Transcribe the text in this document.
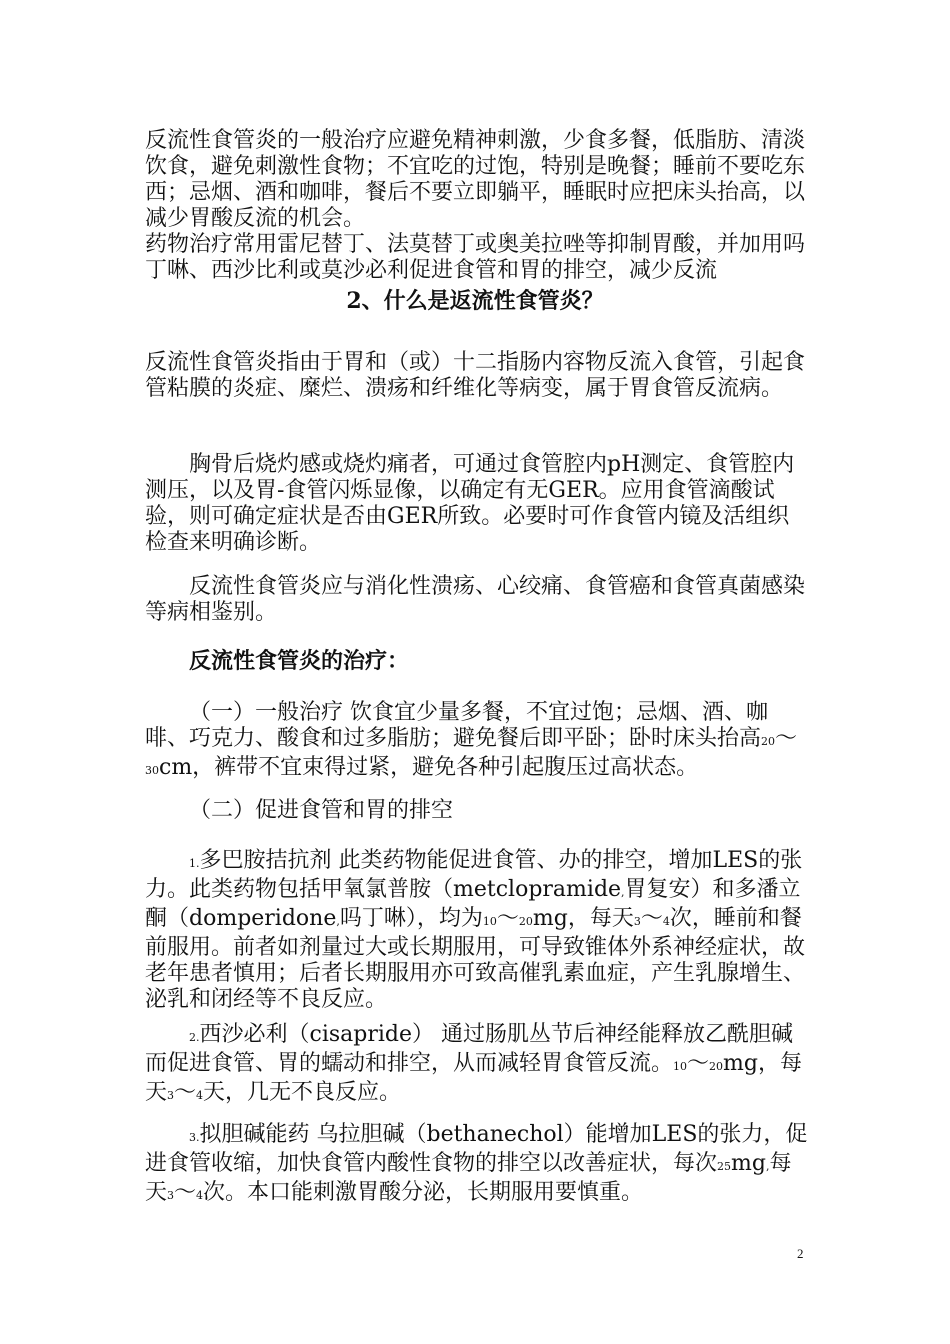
反流性食管炎的一般治疗应避免精神刺激，少食多餐，低脂肪、清淡饮食，避免刺激性食物；不宜吃的过饱，特别是晚餐；睡前不要吃东西；忌烟、酒和咖啡，餐后不要立即躺平，睡眠时应把床头抬高，以减少胃酸反流的机会。

药物治疗常用雷尼替丁、法莫替丁或奥美拉唑等抑制胃酸，并加用吗丁啉、西沙比利或莫沙必利促进食管和胃的排空，减少反流

2、什么是返流性食管炎？

反流性食管炎指由于胃和（或）十二指肠内容物反流入食管，引起食管粘膜的炎症、糜烂、溃疡和纤维化等病变，属于胃食管反流病。

胸骨后烧灼感或烧灼痛者，可通过食管腔内pH测定、食管腔内测压，以及胃-食管闪烁显像，以确定有无GER。应用食管滴酸试验，则可确定症状是否由GER所致。必要时可作食管内镜及活组织检查来明确诊断。

反流性食管炎应与消化性溃疡、心绞痛、食管癌和食管真菌感染等病相鉴别。

反流性食管炎的治疗：

（一）一般治疗 饮食宜少量多餐，不宜过饱；忌烟、酒、咖啡、巧克力、酸食和过多脂肪；避免餐后即平卧；卧时床头抬高20～30cm，裤带不宜束得过紧，避免各种引起腹压过高状态。

（二）促进食管和胃的排空

1.多巴胺拮抗剂 此类药物能促进食管、办的排空，增加LES的张力。此类药物包括甲氧氯普胺（metclopramide,胃复安）和多潘立酮（domperidone,吗丁啉），均为10～20mg，每天3～4次，睡前和餐前服用。前者如剂量过大或长期服用，可导致锥体外系神经症状，故老年患者慎用；后者长期服用亦可致高催乳素血症，产生乳腺增生、泌乳和闭经等不良反应。

2.西沙必利（cisapride） 通过肠肌丛节后神经能释放乙酰胆碱而促进食管、胃的蠕动和排空，从而减轻胃食管反流。10～20mg，每天3～4天，几无不良反应。

3.拟胆碱能药 乌拉胆碱（bethanechol）能增加LES的张力，促进食管收缩，加快食管内酸性食物的排空以改善症状，每次25mg,每天3～4次。本口能刺激胃酸分泌，长期服用要慎重。

2
